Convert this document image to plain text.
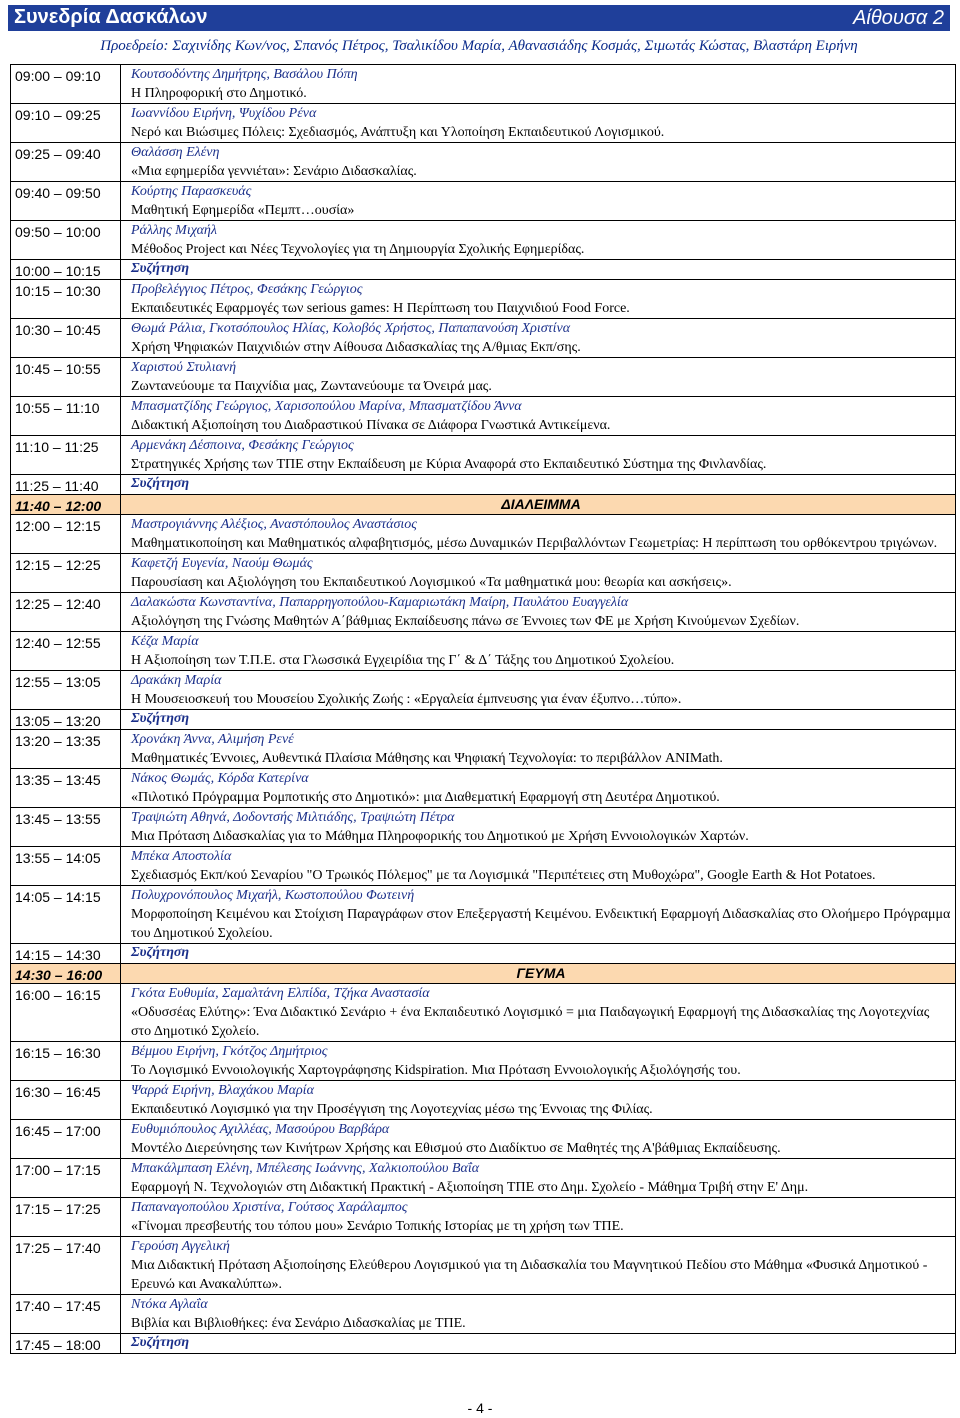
Συνεδρία Δασκάλων	Αίθουσα 2
Προεδρείο: Σαχινίδης Κων/νος, Σπανός Πέτρος, Τσαλικίδου Μαρία, Αθανασιάδης Κοσμάς, Σιμωτάς Κώστας, Βλαστάρη Ειρήνη
09:00 – 09:10	Κουτσοδόντης Δημήτρης, Βασάλου Πόπη
Η Πληροφορική στο Δημοτικό.

09:10 – 09:25	Ιωαννίδου Ειρήνη, Ψυχίδου Ρένα
Νερό και Βιώσιμες Πόλεις: Σχεδιασμός, Ανάπτυξη και Υλοποίηση Εκπαιδευτικού Λογισμικού.

09:25 – 09:40	Θαλάσση Ελένη
«Μια εφημερίδα γεννιέται»: Σενάριο Διδασκαλίας.

09:40 – 09:50	Κούρτης Παρασκευάς
Μαθητική Εφημερίδα «Πεμπτ…ουσία»

09:50 – 10:00	Ράλλης Μιχαήλ
Μέθοδος Project και Νέες Τεχνολογίες για τη Δημιουργία Σχολικής Εφημερίδας.

10:00 – 10:15	Συζήτηση

10:15 – 10:30	Προβελέγγιος Πέτρος, Φεσάκης Γεώργιος
Εκπαιδευτικές Εφαρμογές των serious games: Η Περίπτωση του Παιχνιδιού Food Force.

10:30 – 10:45	Θωμά Ράλια, Γκοτσόπουλος Ηλίας, Κολοβός Χρήστος, Παπαπανούση Χριστίνα
Χρήση Ψηφιακών Παιχνιδιών στην Αίθουσα Διδασκαλίας της Α/θμιας Εκπ/σης.

10:45 – 10:55	Χαριστού Στυλιανή
Ζωντανεύουμε τα Παιχνίδια μας, Ζωντανεύουμε τα Όνειρά μας.

10:55 – 11:10	Μπασματζίδης Γεώργιος, Χαρισοπούλου Μαρίνα, Μπασματζίδου Άννα
Διδακτική Αξιοποίηση του Διαδραστικού Πίνακα σε Διάφορα Γνωστικά Αντικείμενα.

11:10 – 11:25	Αρμενάκη Δέσποινα, Φεσάκης Γεώργιος
Στρατηγικές Χρήσης των ΤΠΕ στην Εκπαίδευση με Κύρια Αναφορά στο Εκπαιδευτικό Σύστημα της Φινλανδίας.

11:25 – 11:40	Συζήτηση

11:40 – 12:00	ΔΙΑΛΕΙΜΜΑ
12:00 – 12:15	Μαστρογιάννης Αλέξιος, Αναστόπουλος Αναστάσιος
Μαθηματικοποίηση και Μαθηματικός αλφαβητισμός, μέσω Δυναμικών Περιβαλλόντων Γεωμετρίας: Η περίπτωση του ορθόκεντρου τριγώνων.

12:15 – 12:25	Καφετζή Ευγενία, Ναούμ Θωμάς
Παρουσίαση και Αξιολόγηση του Εκπαιδευτικού Λογισμικού «Τα μαθηματικά μου: θεωρία και ασκήσεις».

12:25 – 12:40	Δαλακώστα Κωνσταντίνα, Παπαρρηγοπούλου-Καμαριωτάκη Μαίρη, Παυλάτου Ευαγγελία
Αξιολόγηση της Γνώσης Μαθητών Α΄βάθμιας Εκπαίδευσης πάνω σε Έννοιες των ΦΕ με Χρήση Κινούμενων Σχεδίων.

12:40 – 12:55	Κέζα Μαρία
Η Αξιοποίηση των Τ.Π.Ε. στα Γλωσσικά Εγχειρίδια της Γ΄ & Δ΄ Τάξης του Δημοτικού Σχολείου.

12:55 – 13:05	Δρακάκη Μαρία
Η Μουσειοσκευή του Μουσείου Σχολικής Ζωής : «Εργαλεία έμπνευσης για έναν έξυπνο…τύπο».

13:05 – 13:20	Συζήτηση

13:20 – 13:35	Χρονάκη Άννα, Αλιμήση Ρενέ
Μαθηματικές Έννοιες, Αυθεντικά Πλαίσια Μάθησης και Ψηφιακή Τεχνολογία: το περιβάλλον ANIMath.

13:35 – 13:45	Νάκος Θωμάς, Κόρδα Κατερίνα
«Πιλοτικό Πρόγραμμα Ρομποτικής στο Δημοτικό»: μια Διαθεματική Εφαρμογή στη Δευτέρα Δημοτικού.

13:45 – 13:55	Τραψιώτη Αθηνά, Δοδοντσής Μιλτιάδης, Τραψιώτη Πέτρα
Μια Πρόταση Διδασκαλίας για το Μάθημα Πληροφορικής του Δημοτικού με Χρήση Εννοιολογικών Χαρτών.

13:55 – 14:05	Μπέκα Αποστολία
Σχεδιασμός Εκπ/κού Σεναρίου "Ο Τρωικός Πόλεμος" με τα Λογισμικά "Περιπέτειες στη Μυθοχώρα", Google Earth & Hot Potatoes.

14:05 – 14:15	Πολυχρονόπουλος Μιχαήλ, Κωστοπούλου Φωτεινή
Μορφοποίηση Κειμένου και Στοίχιση Παραγράφων στον Επεξεργαστή Κειμένου. Ενδεικτική Εφαρμογή Διδασκαλίας στο Ολοήμερο Πρόγραμμα του Δημοτικού Σχολείου.

14:15 – 14:30	Συζήτηση

14:30 – 16:00	ΓΕΥΜΑ
16:00 – 16:15	Γκότα Ευθυμία, Σαμαλτάνη Ελπίδα, Τζήκα Αναστασία
«Οδυσσέας Ελύτης»: Ένα Διδακτικό Σενάριο + ένα Εκπαιδευτικό Λογισμικό = μια Παιδαγωγική Εφαρμογή της Διδασκαλίας της Λογοτεχνίας στο Δημοτικό Σχολείο.

16:15 – 16:30	Βέμμου Ειρήνη, Γκότζος Δημήτριος
Το Λογισμικό Εννοιολογικής Χαρτογράφησης Kidspiration. Μια Πρόταση Εννοιολογικής Αξιολόγησής του.

16:30 – 16:45	Ψαρρά Ειρήνη, Βλαχάκου Μαρία
Εκπαιδευτικό Λογισμικό για την Προσέγγιση της Λογοτεχνίας μέσω της Έννοιας της Φιλίας.

16:45 – 17:00	Ευθυμιόπουλος Αχιλλέας, Μασούρου Βαρβάρα
Μοντέλο Διερεύνησης των Κινήτρων Χρήσης και Εθισμού στο Διαδίκτυο σε Μαθητές της Α'βάθμιας Εκπαίδευσης.

17:00 – 17:15	Μπακάλμπαση Ελένη, Μπέλεσης Ιωάννης, Χαλκιοπούλου Βαΐα
Εφαρμογή Ν. Τεχνολογιών στη Διδακτική Πρακτική - Αξιοποίηση ΤΠΕ στο Δημ. Σχολείο - Μάθημα Τριβή στην Ε' Δημ.

17:15 – 17:25	Παπαναγοπούλου Χριστίνα, Γούτσος Χαράλαμπος
«Γίνομαι πρεσβευτής του τόπου μου» Σενάριο Τοπικής Ιστορίας με τη χρήση των ΤΠΕ.

17:25 – 17:40	Γερούση Αγγελική
Μια Διδακτική Πρόταση Αξιοποίησης Ελεύθερου Λογισμικού για τη Διδασκαλία του Μαγνητικού Πεδίου στο Μάθημα «Φυσικά Δημοτικού - Ερευνώ και Ανακαλύπτω».

17:40 – 17:45	Ντόκα Αγλαΐα
Βιβλία και Βιβλιοθήκες: ένα Σενάριο Διδασκαλίας με ΤΠΕ.

17:45 – 18:00	Συζήτηση
- 4 -
